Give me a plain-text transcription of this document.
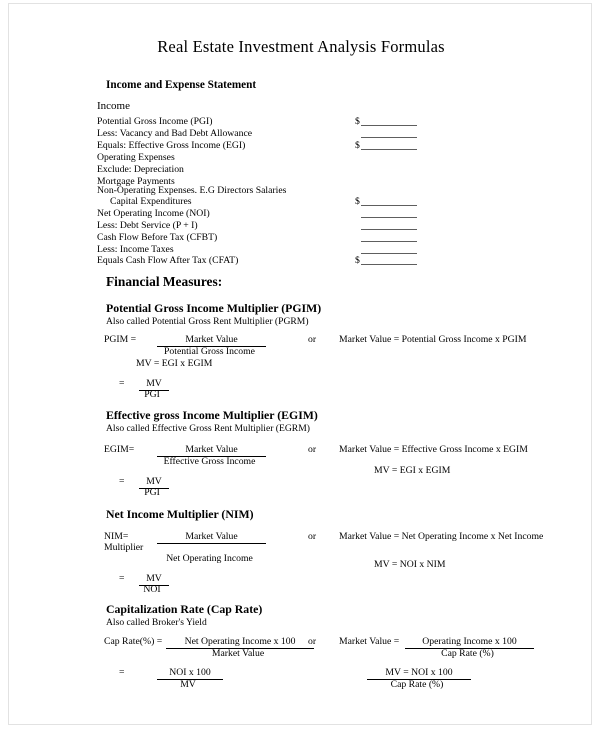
Real Estate Investment Analysis Formulas
Income and Expense Statement
Income
Potential Gross Income (PGI)	$
Less: Vacancy and Bad Debt Allowance
Equals: Effective Gross Income (EGI)	$
Operating Expenses
Exclude: Depreciation
Mortgage Payments
Non-Operating Expenses. E.G Directors Salaries
Capital Expenditures	$
Net Operating Income (NOI)
Less: Debt Service (P + I)
Cash Flow Before Tax (CFBT)
Less: Income Taxes
Equals Cash Flow After Tax (CFAT)	$
Financial Measures:
Potential Gross Income Multiplier (PGIM)
Also called Potential Gross Rent Multiplier (PGRM)
PGIM =	Market Value
Potential Gross Income
MV = EGI x EGIM
=	MV
PGI
or Market Value = Potential Gross Income x PGIM
Effective gross Income Multiplier (EGIM)
Also called Effective Gross Rent Multiplier (EGRM)
EGIM=	Market Value
Effective Gross Income
=	MV
PGI
or Market Value = Effective Gross Income x EGIM
MV = EGI x EGIM
Net Income Multiplier (NIM)
NIM=	Market Value
Multiplier
Net Operating Income
=	MV
NOI
or Market Value = Net Operating Income x Net Income
MV = NOI x NIM
Capitalization Rate (Cap Rate)
Also called Broker's Yield
Cap Rate(%) =	Net Operating Income x 100
Market Value
=	NOI x 100
MV
or Market Value =	Operating Income x 100
Cap Rate (%)
MV = NOI x 100
Cap Rate (%)
